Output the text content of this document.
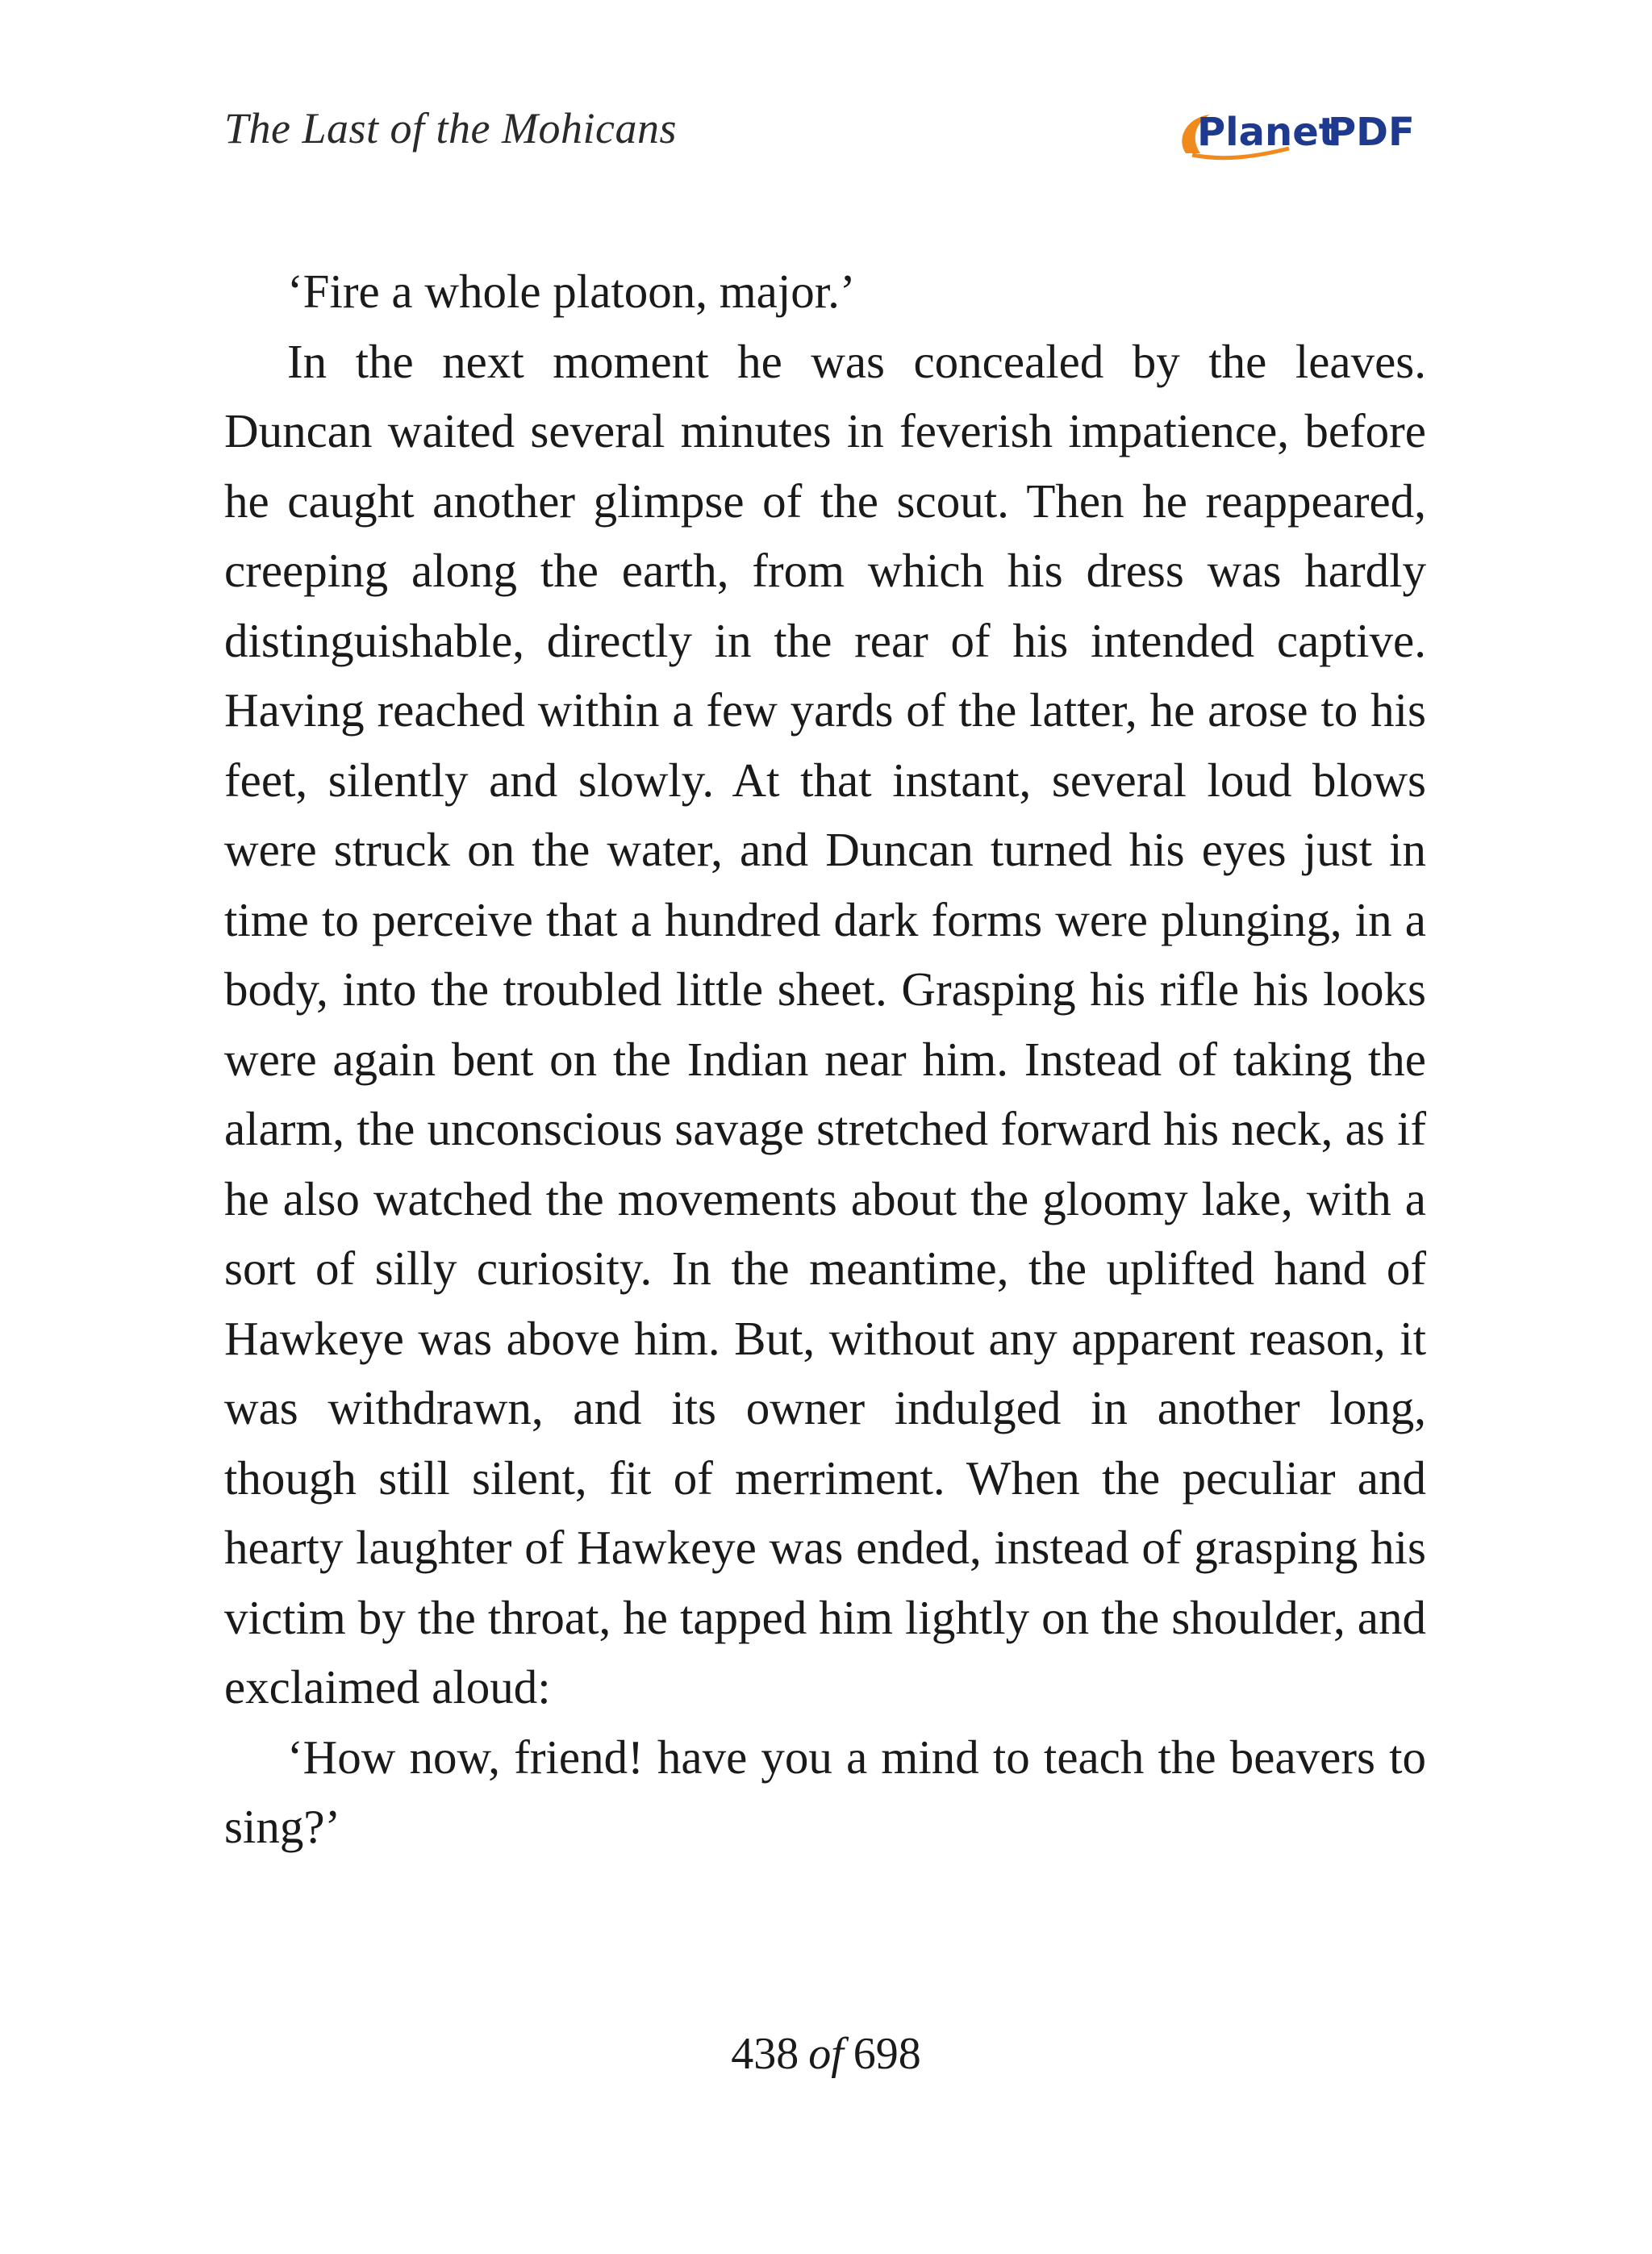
The Last of the Mohicans	Planet
PDF

‘Fire a whole platoon, major.’

In the next moment he was concealed by the leaves. Duncan waited several minutes in feverish impatience, before he caught another glimpse of the scout. Then he reappeared, creeping along the earth, from which his dress was hardly distinguishable, directly in the rear of his intended captive. Having reached within a few yards of the latter, he arose to his feet, silently and slowly. At that instant, several loud blows were struck on the water, and Duncan turned his eyes just in time to perceive that a hundred dark forms were plunging, in a body, into the troubled little sheet. Grasping his rifle his looks were again bent on the Indian near him. Instead of taking the alarm, the unconscious savage stretched forward his neck, as if he also watched the movements about the gloomy lake, with a sort of silly curiosity. In the meantime, the uplifted hand of Hawkeye was above him. But, without any apparent reason, it was withdrawn, and its owner indulged in another long, though still silent, fit of merriment. When the peculiar and hearty laughter of Hawkeye was ended, instead of grasping his victim by the throat, he tapped him lightly on the shoulder, and exclaimed aloud:

‘How now, friend! have you a mind to teach the beavers to sing?’

438 of 698
